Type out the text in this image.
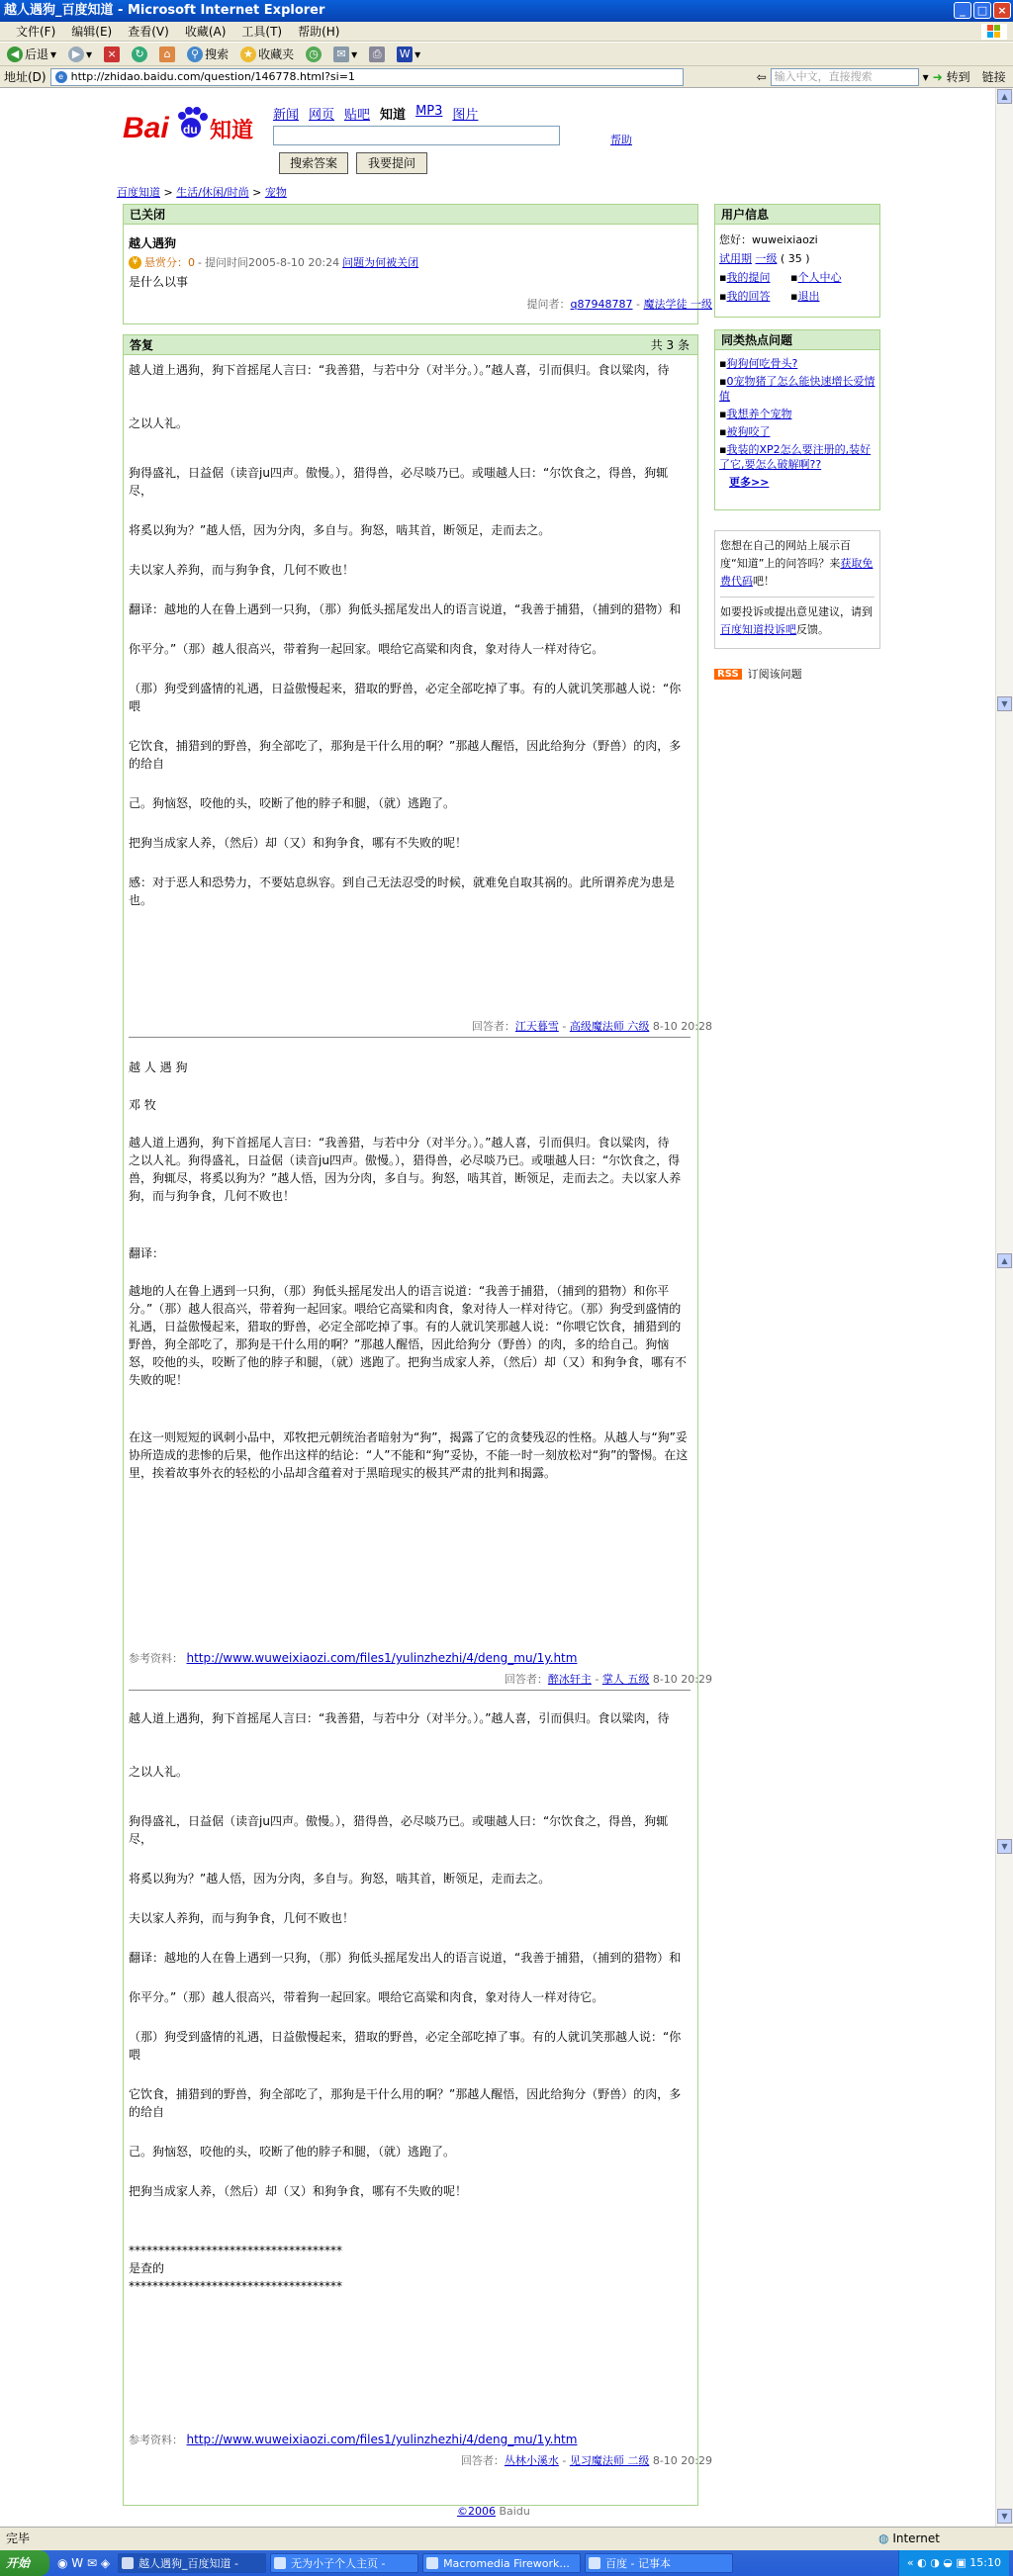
越人遇狗_百度知道 - Microsoft Internet Explorer	_	□ ×
文件(F)	编辑(E)	查看(V)	收藏(A)	工具(T)	帮助(H)
◀ 后退 ▾	▶ ▾	×	↻	⌂	⚲ 搜索 ★ 收藏夹 ◷	✉ ▾	⎙	W ▾
地址(D)	e http://zhidao.baidu.com/question/146778.html?si=1	⇦ 输入中文，直接搜索	▾ ➜ 转到 链接
Bai du 知道
新闻 网页 贴吧 知道 MP3 图片
帮助
搜索答案	我要提问
百度知道 > 生活/休闲/时尚 > 宠物
已关闭
越人遇狗
¥ 悬赏分：0 - 提问时间2005-8-10 20:24 问题为何被关闭
是什么以事
提问者：q87948787 - 魔法学徒 一级
答复	共 3 条
越人道上遇狗，狗下首摇尾人言曰：“我善猎，与若中分（对半分。）。”越人喜，引而俱归。食以粱肉，待

之以人礼。
狗得盛礼，日益倨（读音ju四声。傲慢。），猎得兽，必尽啖乃已。或嗤越人曰：“尔饮食之，得兽，狗辄尽，
将奚以狗为？”越人悟，因为分肉，多自与。狗怒，啮其首，断领足，走而去之。
夫以家人养狗，而与狗争食，几何不败也！
翻译：越地的人在鲁上遇到一只狗，（那）狗低头摇尾发出人的语言说道，“我善于捕猎，（捕到的猎物）和
你平分。”（那）越人很高兴，带着狗一起回家。喂给它高粱和肉食，象对待人一样对待它。
（那）狗受到盛情的礼遇，日益傲慢起来，猎取的野兽，必定全部吃掉了事。有的人就讥笑那越人说：“你喂
它饮食，捕猎到的野兽，狗全部吃了，那狗是干什么用的啊？”那越人醒悟，因此给狗分（野兽）的肉，多的给自
己。狗恼怒，咬他的头，咬断了他的脖子和腿，（就）逃跑了。
把狗当成家人养，（然后）却（又）和狗争食，哪有不失败的呢！
感：对于恶人和恐势力，不要姑息纵容。到自己无法忍受的时候，就难免自取其祸的。此所谓养虎为患是也。
回答者：江天暮雪 - 高级魔法师 六级 8-10 20:28
越 人 遇 狗
邓 牧
越人道上遇狗，狗下首摇尾人言曰：“我善猎，与若中分（对半分。）。”越人喜，引而俱归。食以粱肉，待
之以人礼。狗得盛礼，日益倨（读音ju四声。傲慢。），猎得兽，必尽啖乃已。或嗤越人曰：“尔饮食之，得兽，狗辄尽，将奚以狗为？”越人悟，因为分肉，多自与。狗怒，啮其首，断领足，走而去之。夫以家人养狗，而与狗争食，几何不败也！
翻译：
越地的人在鲁上遇到一只狗，（那）狗低头摇尾发出人的语言说道：“我善于捕猎，（捕到的猎物）和你平分。”（那）越人很高兴，带着狗一起回家。喂给它高粱和肉食，象对待人一样对待它。（那）狗受到盛情的礼遇，日益傲慢起来，猎取的野兽，必定全部吃掉了事。有的人就讥笑那越人说：“你喂它饮食，捕猎到的野兽，狗全部吃了，那狗是干什么用的啊？”那越人醒悟，因此给狗分（野兽）的肉，多的给自己。狗恼怒，咬他的头，咬断了他的脖子和腿，（就）逃跑了。把狗当成家人养，（然后）却（又）和狗争食，哪有不失败的呢！
在这一则短短的讽刺小品中，邓牧把元朝统治者暗射为“狗”，揭露了它的贪婪残忍的性格。从越人与“狗”妥协所造成的悲惨的后果，他作出这样的结论：“人”不能和“狗”妥协，不能一时一刻放松对“狗”的警惕。在这里，挨着故事外衣的轻松的小品却含蕴着对于黑暗现实的极其严肃的批判和揭露。
参考资料： http://www.wuweixiaozi.com/files1/yulinzhezhi/4/deng_mu/1y.htm
回答者：醉冰轩主 - 掌人 五级 8-10 20:29
越人道上遇狗，狗下首摇尾人言曰：“我善猎，与若中分（对半分。）。”越人喜，引而俱归。食以粱肉，待

之以人礼。
狗得盛礼，日益倨（读音ju四声。傲慢。），猎得兽，必尽啖乃已。或嗤越人曰：“尔饮食之，得兽，狗辄尽，
将奚以狗为？”越人悟，因为分肉，多自与。狗怒，啮其首，断领足，走而去之。
夫以家人养狗，而与狗争食，几何不败也！
翻译：越地的人在鲁上遇到一只狗，（那）狗低头摇尾发出人的语言说道，“我善于捕猎，（捕到的猎物）和
你平分。”（那）越人很高兴，带着狗一起回家。喂给它高粱和肉食，象对待人一样对待它。
（那）狗受到盛情的礼遇，日益傲慢起来，猎取的野兽，必定全部吃掉了事。有的人就讥笑那越人说：“你喂
它饮食，捕猎到的野兽，狗全部吃了，那狗是干什么用的啊？”那越人醒悟，因此给狗分（野兽）的肉，多的给自
己。狗恼怒，咬他的头，咬断了他的脖子和腿，（就）逃跑了。
把狗当成家人养，（然后）却（又）和狗争食，哪有不失败的呢！
************************************
是查的
************************************
参考资料： http://www.wuweixiaozi.com/files1/yulinzhezhi/4/deng_mu/1y.htm
回答者：丛林小溪水 - 见习魔法师 二级 8-10 20:29
用户信息
您好：wuweixiaozi
试用期 一级 ( 35 )
▪我的提问	▪个人中心
▪我的回答	▪退出
同类热点问题
▪狗狗何吃骨头?
▪0宠物猪了怎么能快速增长爱情值
▪我想养个宠物
▪被狗咬了
▪我装的XP2怎么要注册的,装好了它,要怎么破解啊??
更多>>
您想在自己的网站上展示百度“知道”上的问答吗？来获取免费代码吧！
如要投诉或提出意见建议，请到百度知道投诉吧反馈。
RSS 订阅该问题
©2006 Baidu
▲
▼
▲
▼
▼
完毕	◍ Internet
开始	◉ W ✉ ◈	越人遇狗_百度知道 -	无为小子个人主页 -	Macromedia Firework...	百度 - 记事本	« ◐ ◑ ◒ ▣ 15:10
